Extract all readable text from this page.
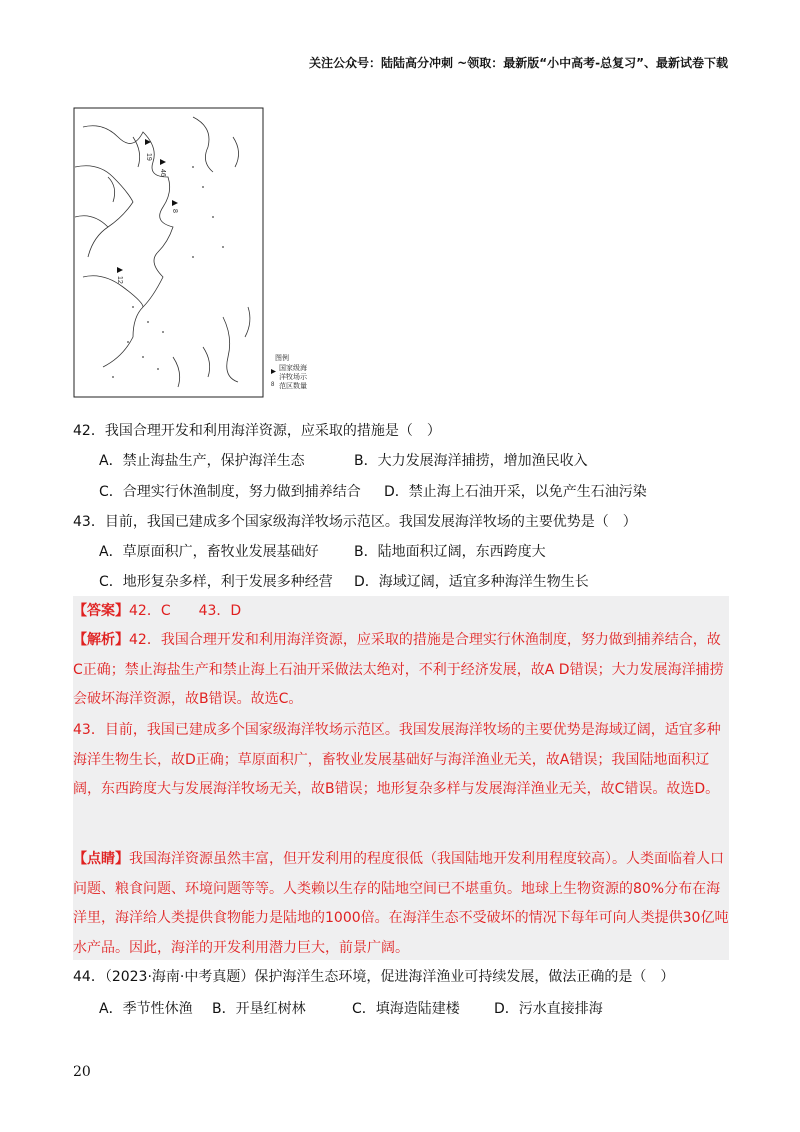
关注公众号：陆陆高分冲刺 ~领取：最新版“小中高考-总复习”、最新试卷下载
19
46
8
12
图例
国家级海
洋牧场示
范区数量
8
42．我国合理开发和利用海洋资源，应采取的措施是（　）
A．禁止海盐生产，保护海洋生态	B．大力发展海洋捕捞，增加渔民收入
C．合理实行休渔制度，努力做到捕养结合 D．禁止海上石油开采，以免产生石油污染
43．目前，我国已建成多个国家级海洋牧场示范区。我国发展海洋牧场的主要优势是（　）
A．草原面积广，畜牧业发展基础好	B．陆地面积辽阔，东西跨度大
C．地形复杂多样，利于发展多种经营 D．海域辽阔，适宜多种海洋生物生长
【答案】42．C　　43．D
【解析】42．我国合理开发和利用海洋资源，应采取的措施是合理实行休渔制度，努力做到捕养结合，故C正确；禁止海盐生产和禁止海上石油开采做法太绝对，不利于经济发展，故A D错误；大力发展海洋捕捞会破坏海洋资源，故B错误。故选C。
43．目前，我国已建成多个国家级海洋牧场示范区。我国发展海洋牧场的主要优势是海域辽阔，适宜多种海洋生物生长，故D正确；草原面积广，畜牧业发展基础好与海洋渔业无关，故A错误；我国陆地面积辽阔，东西跨度大与发展海洋牧场无关，故B错误；地形复杂多样与发展海洋渔业无关，故C错误。故选D。
【点睛】我国海洋资源虽然丰富，但开发利用的程度很低（我国陆地开发利用程度较高）。人类面临着人口问题、粮食问题、环境问题等等。人类赖以生存的陆地空间已不堪重负。地球上生物资源的80%分布在海洋里，海洋给人类提供食物能力是陆地的1000倍。在海洋生态不受破坏的情况下每年可向人类提供30亿吨水产品。因此，海洋的开发利用潜力巨大，前景广阔。
44．（2023·海南·中考真题）保护海洋生态环境，促进海洋渔业可持续发展，做法正确的是（　）
A．季节性休渔 B．开垦红树林	C．填海造陆建楼 D．污水直接排海
20
